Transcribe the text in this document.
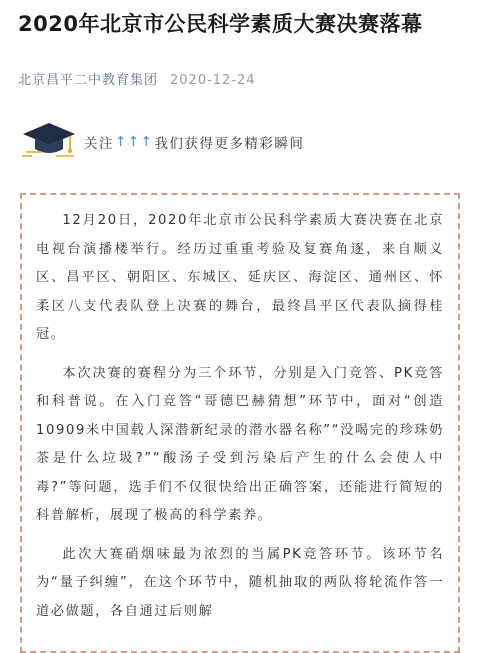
2020年北京市公民科学素质大赛决赛落幕
北京昌平二中教育集团 2020-12-24
关注 ↑↑↑ 我们获得更多精彩瞬间

12月20日，2020年北京市公民科学素质大赛决赛在北京电视台演播楼举行。经历过重重考验及复赛角逐，来自顺义区、昌平区、朝阳区、东城区、延庆区、海淀区、通州区、怀柔区八支代表队登上决赛的舞台，最终昌平区代表队摘得桂冠。

本次决赛的赛程分为三个环节，分别是入门竞答、PK竞答和科普说。在入门竞答“哥德巴赫猜想”环节中，面对“创造10909米中国载人深潜新纪录的潜水器名称”“没喝完的珍珠奶茶是什么垃圾?”“酸汤子受到污染后产生的什么会使人中毒?”等问题，选手们不仅很快给出正确答案，还能进行简短的科普解析，展现了极高的科学素养。

此次大赛硝烟味最为浓烈的当属PK竞答环节。该环节名为“量子纠缠”，在这个环节中，随机抽取的两队将轮流作答一道必做题，各自通过后则解
